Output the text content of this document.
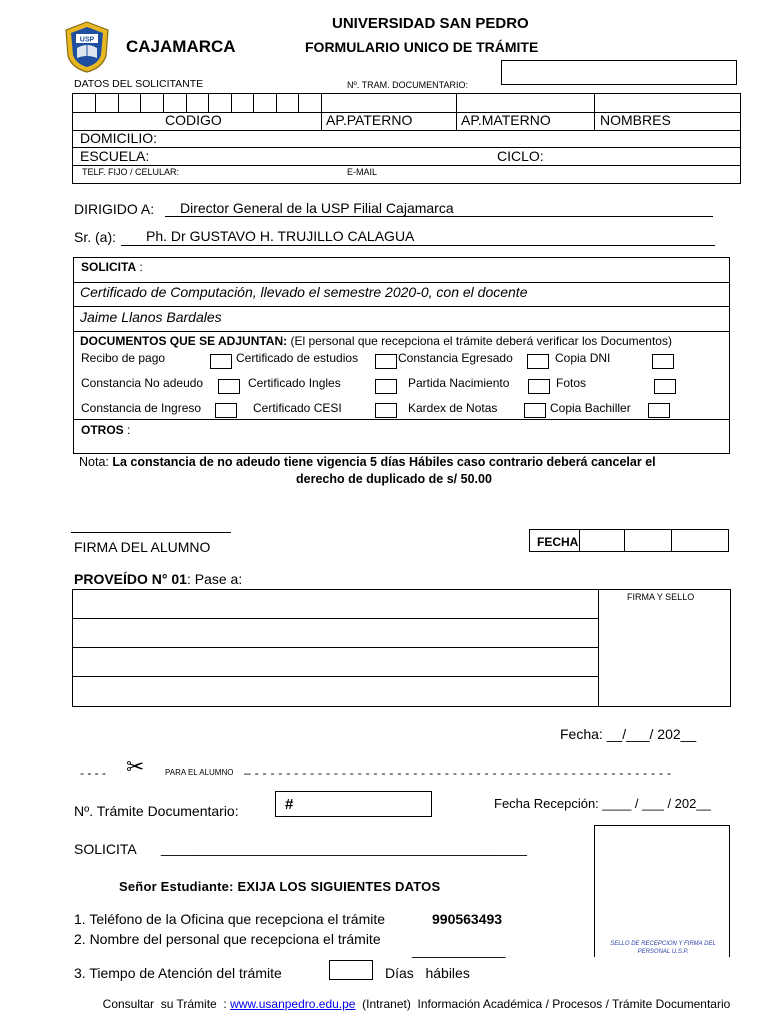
USP CAJAMARCA
UNIVERSIDAD SAN PEDRO
FORMULARIO UNICO DE TRÁMITE
DATOS DEL SOLICITANTE	Nº. TRAM. DOCUMENTARIO:
CODIGO	AP.PATERNO	AP.MATERNO	NOMBRES
DOMICILIO:
ESCUELA:	CICLO:
TELF. FIJO / CELULAR:	E-MAIL
DIRIGIDO A: Director General de la USP Filial Cajamarca
Sr. (a): Ph. Dr GUSTAVO H. TRUJILLO CALAGUA
SOLICITA :
Certificado de Computación, llevado el semestre 2020-0, con el docente
Jaime Llanos Bardales
DOCUMENTOS QUE SE ADJUNTAN: (El personal que recepciona el trámite deberá verificar los Documentos)
Recibo de pago	Certificado de estudios	Constancia Egresado	Copia DNI
Constancia No adeudo	Certificado Ingles	Partida Nacimiento	Fotos
Constancia de Ingreso	Certificado CESI	Kardex de Notas	Copia Bachiller
OTROS :
Nota: La constancia de no adeudo tiene vigencia 5 días Hábiles caso contrario deberá cancelar el
derecho de duplicado de s/ 50.00
FIRMA DEL ALUMNO	FECHA
PROVEÍDO N° 01: Pase a:
FIRMA Y SELLO
Fecha: __/___/ 202__
- - - - ✂	PARA EL ALUMNO – - - - - - - - - - - - - - - - - - - - - - - - - - - - - - - - - - - - - - - - - - - - - - - - - - - - - -
Nº. Trámite Documentario:	#	Fecha Recepción: ____ / ___ / 202__
SOLICITA _______________________________________________
SELLO DE RECEPCION Y FIRMA DEL PERSONAL U.S.P.
Señor Estudiante: EXIJA LOS SIGUIENTES DATOS
1. Teléfono de la Oficina que recepciona el trámite	990563493
2. Nombre del personal que recepciona el trámite
____________
3. Tiempo de Atención del trámite	Días   hábiles

Consultar  su Trámite  : www.usanpedro.edu.pe  (Intranet)  Información Académica / Procesos / Trámite Documentario
